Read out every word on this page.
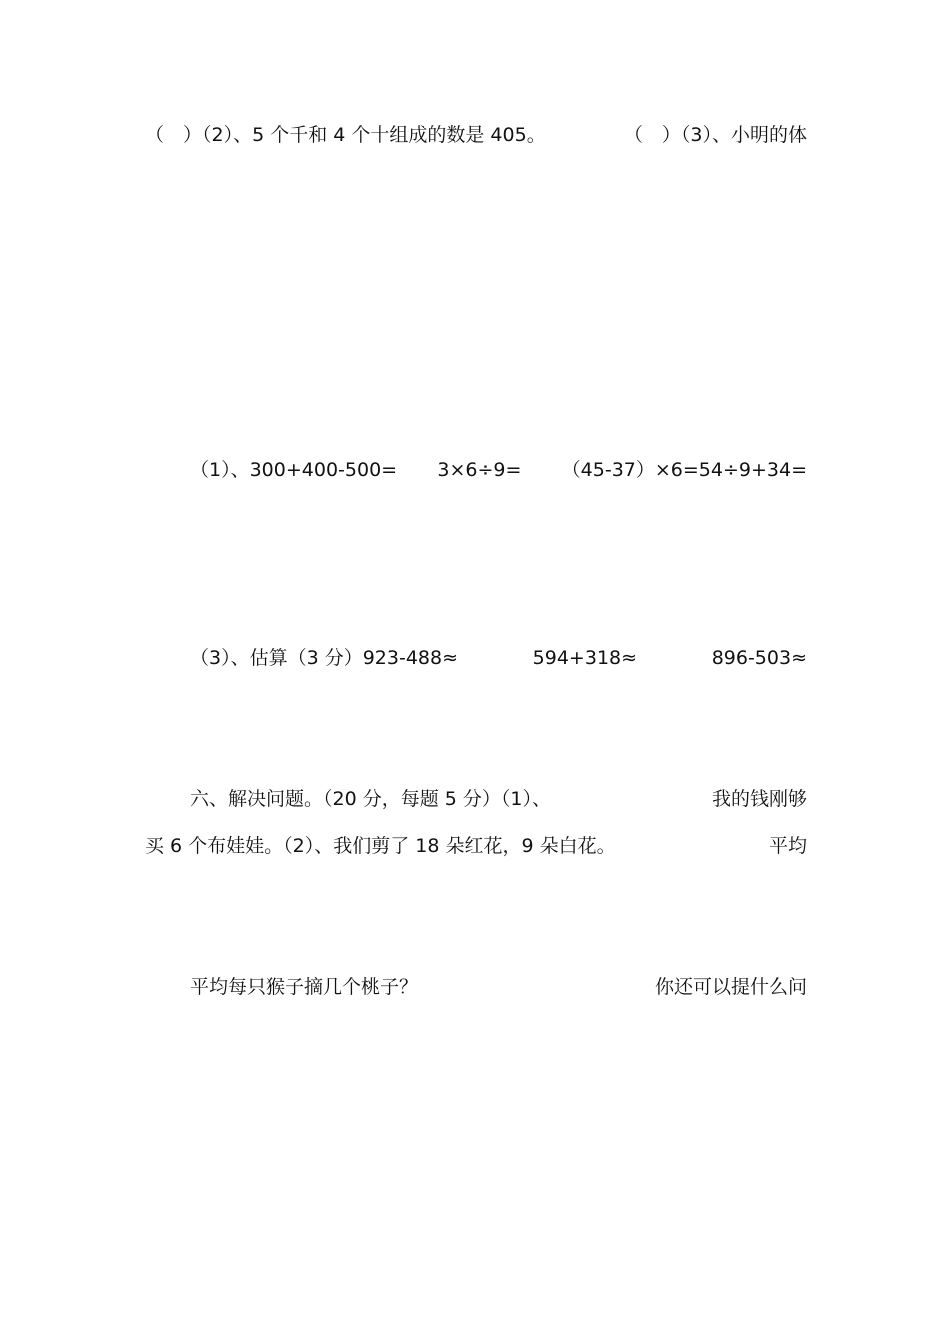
（　）（2）、5 个千和 4 个十组成的数是 405。	（　）（3）、小明的体

（1）、300+400-500= 3×6÷9= （45-37）×6=54÷9+34=

（3）、估算（3 分）923-488≈	594+318≈	896-503≈

六、解决问题。（20 分，每题 5 分）（1）、	我的钱刚够
买 6 个布娃娃。（2）、我们剪了 18 朵红花，9 朵白花。	平均

平均每只猴子摘几个桃子？	你还可以提什么问
